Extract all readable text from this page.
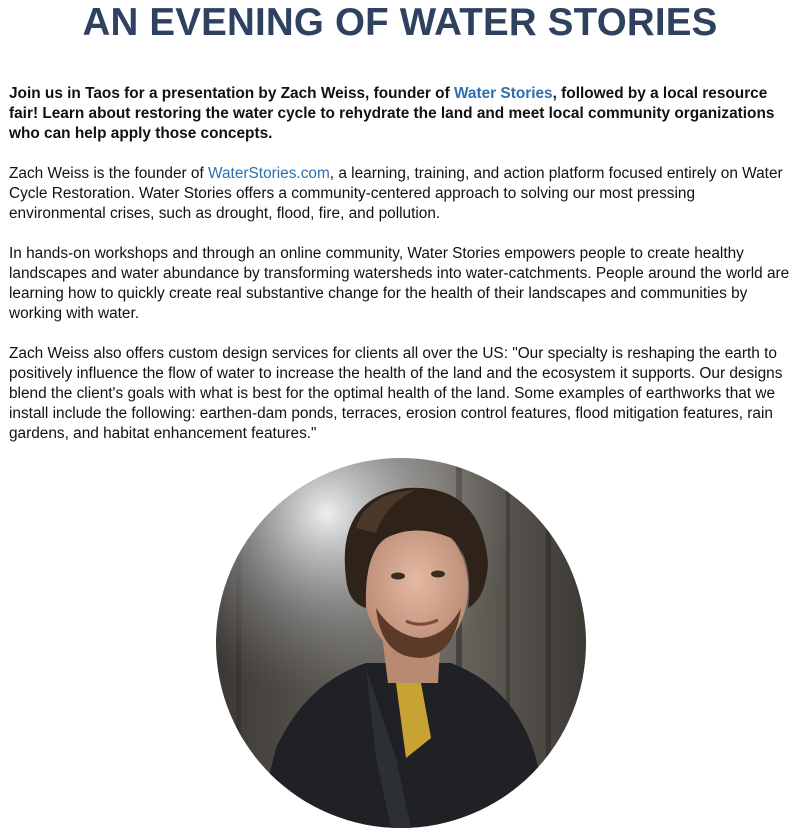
AN EVENING OF WATER STORIES

Join us in Taos for a presentation by Zach Weiss, founder of Water Stories, followed by a local resource fair! Learn about restoring the water cycle to rehydrate the land and meet local community organizations who can help apply those concepts.

Zach Weiss is the founder of WaterStories.com, a learning, training, and action platform focused entirely on Water Cycle Restoration. Water Stories offers a community-centered approach to solving our most pressing environmental crises, such as drought, flood, fire, and pollution.

In hands-on workshops and through an online community, Water Stories empowers people to create healthy landscapes and water abundance by transforming watersheds into water-catchments. People around the world are learning how to quickly create real substantive change for the health of their landscapes and communities by working with water.

Zach Weiss also offers custom design services for clients all over the US: "Our specialty is reshaping the earth to positively influence the flow of water to increase the health of the land and the ecosystem it supports. Our designs blend the client's goals with what is best for the optimal health of the land. Some examples of earthworks that we install include the following: earthen-dam ponds, terraces, erosion control features, flood mitigation features, rain gardens, and habitat enhancement features."
